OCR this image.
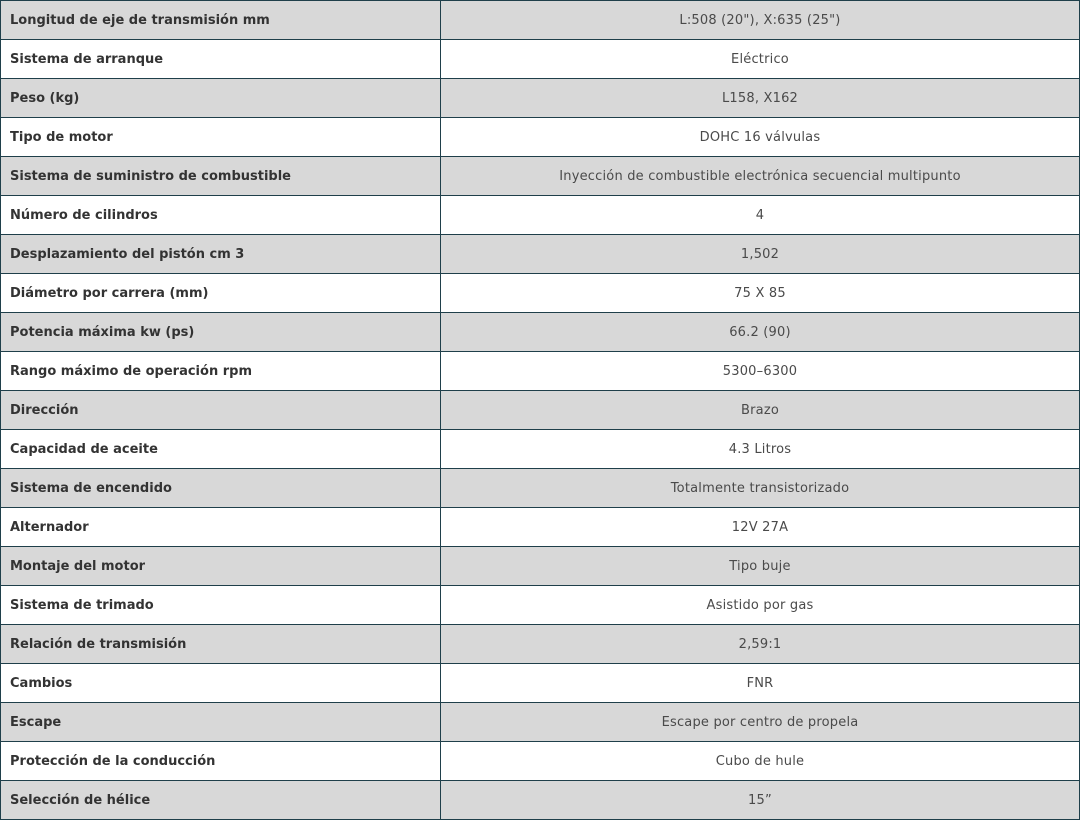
Longitud de eje de transmisión mm	L:508 (20"), X:635 (25")
Sistema de arranque	Eléctrico
Peso (kg)	L158, X162
Tipo de motor	DOHC 16 válvulas
Sistema de suministro de combustible	Inyección de combustible electrónica secuencial multipunto
Número de cilindros	4
Desplazamiento del pistón cm 3	1,502
Diámetro por carrera (mm)	75 X 85
Potencia máxima kw (ps)	66.2 (90)
Rango máximo de operación rpm	5300–6300
Dirección	Brazo
Capacidad de aceite	4.3 Litros
Sistema de encendido	Totalmente transistorizado
Alternador	12V 27A
Montaje del motor	Tipo buje
Sistema de trimado	Asistido por gas
Relación de transmisión	2,59:1
Cambios	FNR
Escape	Escape por centro de propela
Protección de la conducción	Cubo de hule
Selección de hélice	15”
